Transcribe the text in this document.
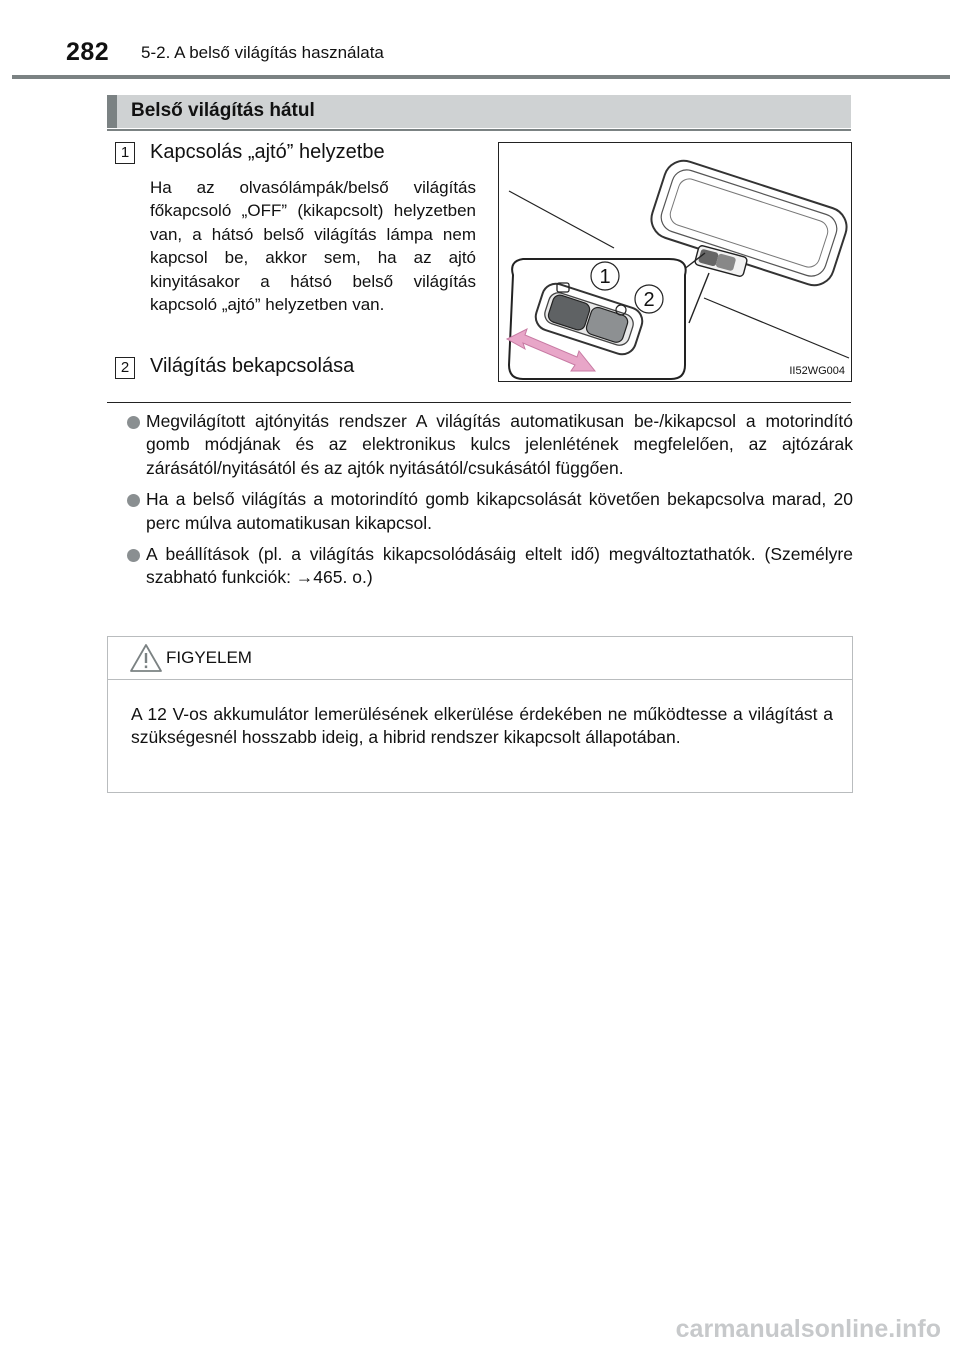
282 5-2. A belső világítás használata
Belső világítás hátul
1 Kapcsolás „ajtó” helyzetbe

Ha az olvasólámpák/belső világítás főkapcsoló „OFF” (kikapcsolt) helyzetben van, a hátsó belső világítás lámpa nem kapcsol be, akkor sem, ha az ajtó kinyitásakor a hátsó belső világítás kapcsoló „ajtó” helyzetben van.

2 Világítás bekapcsolása
1
2
II52WG004
Megvilágított ajtónyitás rendszer A világítás automatikusan be-/kikapcsol a motorindító gomb módjának és az elektronikus kulcs jelenlétének megfelelően, az ajtózárak zárásától/nyitásától és az ajtók nyitásától/csukásától függően.
Ha a belső világítás a motorindító gomb kikapcsolását követően bekapcsolva marad, 20 perc múlva automatikusan kikapcsol.
A beállítások (pl. a világítás kikapcsolódásáig eltelt idő) megváltoztathatók. (Személyre szabható funkciók: →465. o.)
FIGYELEM

A 12 V-os akkumulátor lemerülésének elkerülése érdekében ne működtesse a világítást a szükségesnél hosszabb ideig, a hibrid rendszer kikapcsolt állapotában.

carmanualsonline.info
